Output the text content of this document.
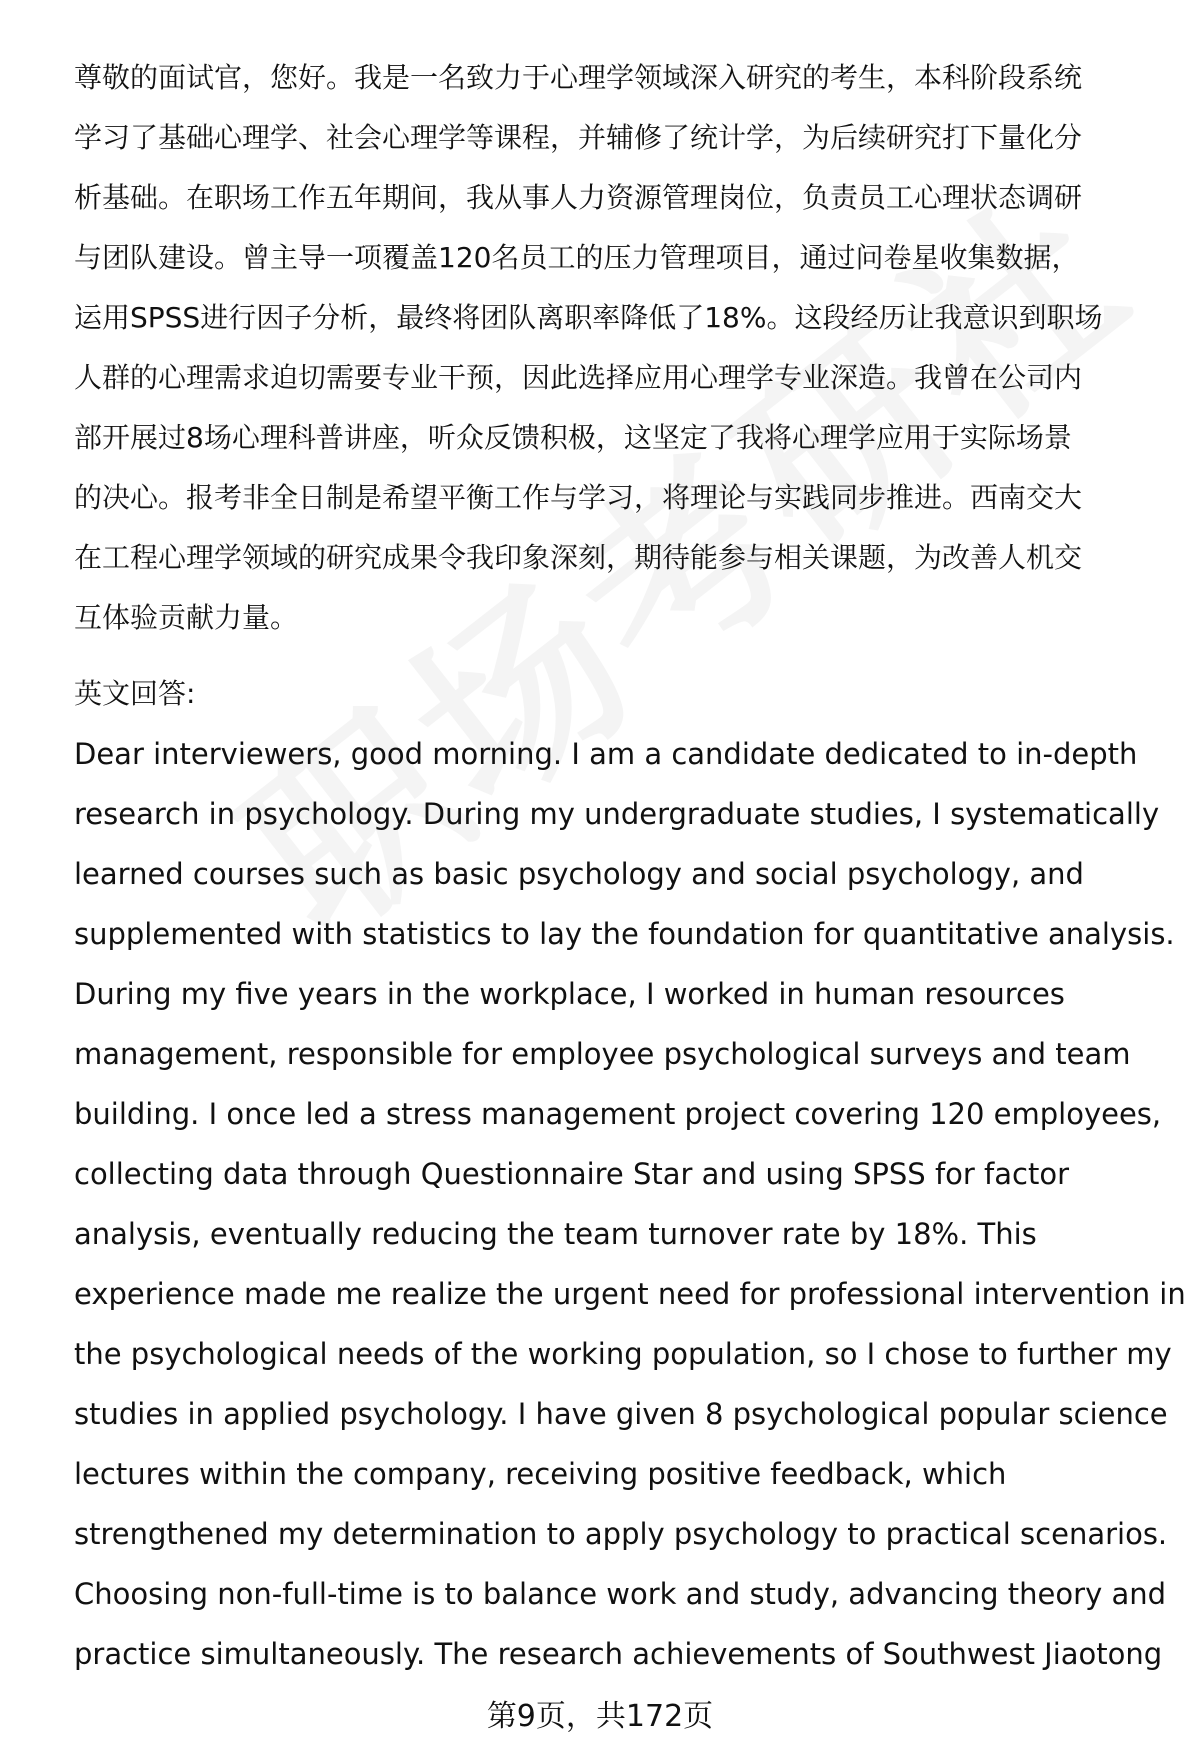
尊敬的面试官，您好。我是一名致力于心理学领域深入研究的考生，本科阶段系统
学习了基础心理学、社会心理学等课程，并辅修了统计学，为后续研究打下量化分
析基础。在职场工作五年期间，我从事人力资源管理岗位，负责员工心理状态调研
与团队建设。曾主导一项覆盖120名员工的压力管理项目，通过问卷星收集数据，
运用SPSS进行因子分析，最终将团队离职率降低了18%。这段经历让我意识到职场
人群的心理需求迫切需要专业干预，因此选择应用心理学专业深造。我曾在公司内
部开展过8场心理科普讲座，听众反馈积极，这坚定了我将心理学应用于实际场景
的决心。报考非全日制是希望平衡工作与学习，将理论与实践同步推进。西南交大
在工程心理学领域的研究成果令我印象深刻，期待能参与相关课题，为改善人机交
互体验贡献力量。
英文回答:
Dear interviewers, good morning. I am a candidate dedicated to in-depth
research in psychology. During my undergraduate studies, I systematically
learned courses such as basic psychology and social psychology, and
supplemented with statistics to lay the foundation for quantitative analysis.
During my five years in the workplace, I worked in human resources
management, responsible for employee psychological surveys and team
building. I once led a stress management project covering 120 employees,
collecting data through Questionnaire Star and using SPSS for factor
analysis, eventually reducing the team turnover rate by 18%. This
experience made me realize the urgent need for professional intervention in
the psychological needs of the working population, so I chose to further my
studies in applied psychology. I have given 8 psychological popular science
lectures within the company, receiving positive feedback, which
strengthened my determination to apply psychology to practical scenarios.
Choosing non-full-time is to balance work and study, advancing theory and
practice simultaneously. The research achievements of Southwest Jiaotong
第9页，共172页
